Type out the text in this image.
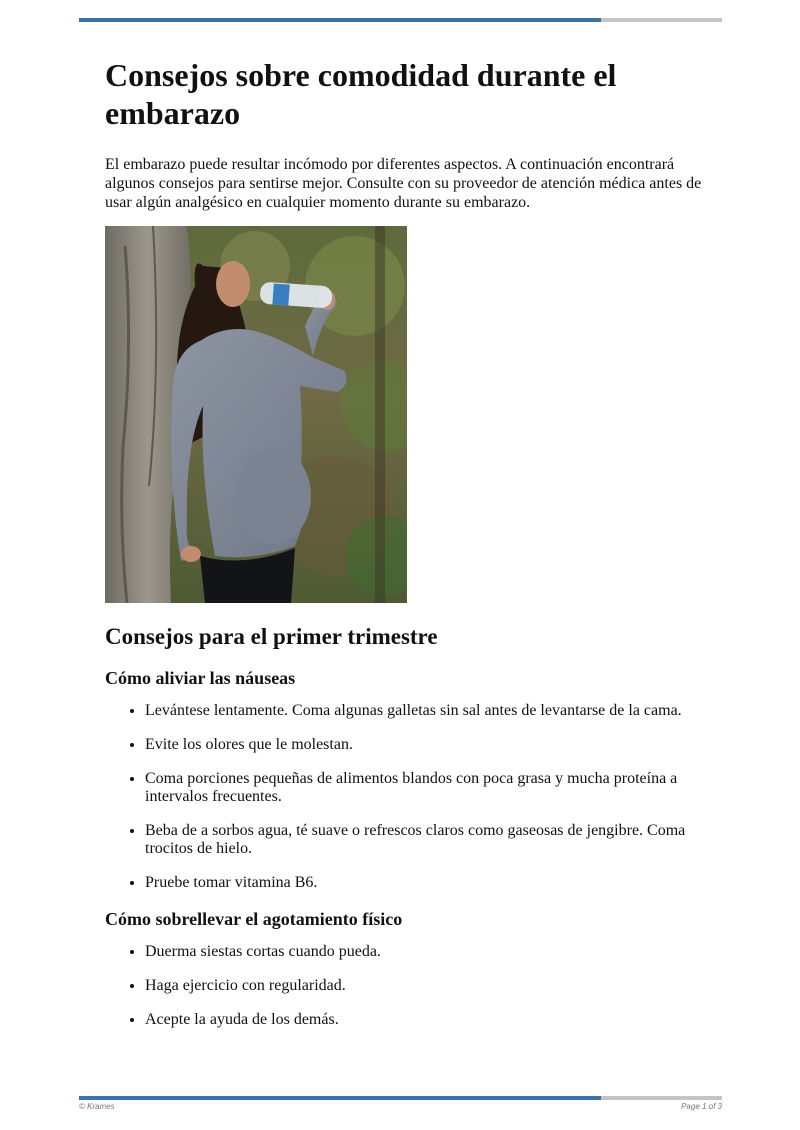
Consejos sobre comodidad durante el embarazo

El embarazo puede resultar incómodo por diferentes aspectos. A continuación encontrará algunos consejos para sentirse mejor. Consulte con su proveedor de atención médica antes de usar algún analgésico en cualquier momento durante su embarazo.

Consejos para el primer trimestre
Cómo aliviar las náuseas
• Levántese lentamente. Coma algunas galletas sin sal antes de levantarse de la cama.
• Evite los olores que le molestan.
• Coma porciones pequeñas de alimentos blandos con poca grasa y mucha proteína a intervalos frecuentes.
• Beba de a sorbos agua, té suave o refrescos claros como gaseosas de jengibre. Coma trocitos de hielo.
• Pruebe tomar vitamina B6.
Cómo sobrellevar el agotamiento físico
• Duerma siestas cortas cuando pueda.
• Haga ejercicio con regularidad.
• Acepte la ayuda de los demás.
© Krames	Page 1 of 3
